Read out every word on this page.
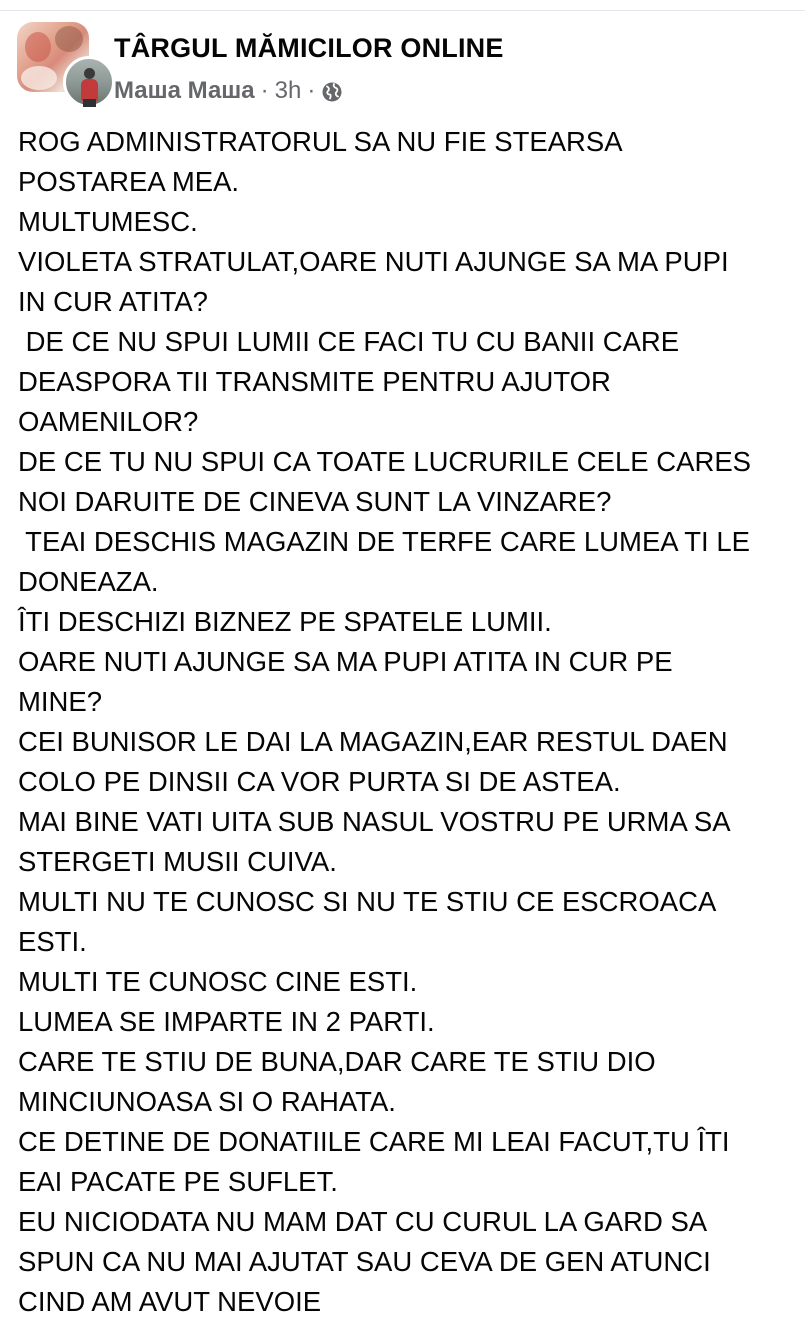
TÂRGUL MĂMICILOR ONLINE
Маша Маша · 3h ·
ROG ADMINISTRATORUL SA NU FIE STEARSA
POSTAREA MEA.
MULTUMESC.
VIOLETA STRATULAT,OARE NUTI AJUNGE SA MA PUPI
IN CUR ATITA?
DE CE NU SPUI LUMII CE FACI TU CU BANII CARE
DEASPORA TII TRANSMITE PENTRU AJUTOR
OAMENILOR?
DE CE TU NU SPUI CA TOATE LUCRURILE CELE CARES
NOI DARUITE DE CINEVA SUNT LA VINZARE?
TEAI DESCHIS MAGAZIN DE TERFE CARE LUMEA TI LE
DONEAZA.
ÎTI DESCHIZI BIZNEZ PE SPATELE LUMII.
OARE NUTI AJUNGE SA MA PUPI ATITA IN CUR PE
MINE?
CEI BUNISOR LE DAI LA MAGAZIN,EAR RESTUL DAEN
COLO PE DINSII CA VOR PURTA SI DE ASTEA.
MAI BINE VATI UITA SUB NASUL VOSTRU PE URMA SA
STERGETI MUSII CUIVA.
MULTI NU TE CUNOSC SI NU TE STIU CE ESCROACA
ESTI.
MULTI TE CUNOSC CINE ESTI.
LUMEA SE IMPARTE IN 2 PARTI.
CARE TE STIU DE BUNA,DAR CARE TE STIU DIO
MINCIUNOASA SI O RAHATA.
CE DETINE DE DONATIILE CARE MI LEAI FACUT,TU ÎTI
EAI PACATE PE SUFLET.
EU NICIODATA NU MAM DAT CU CURUL LA GARD SA
SPUN CA NU MAI AJUTAT SAU CEVA DE GEN ATUNCI
CIND AM AVUT NEVOIE
